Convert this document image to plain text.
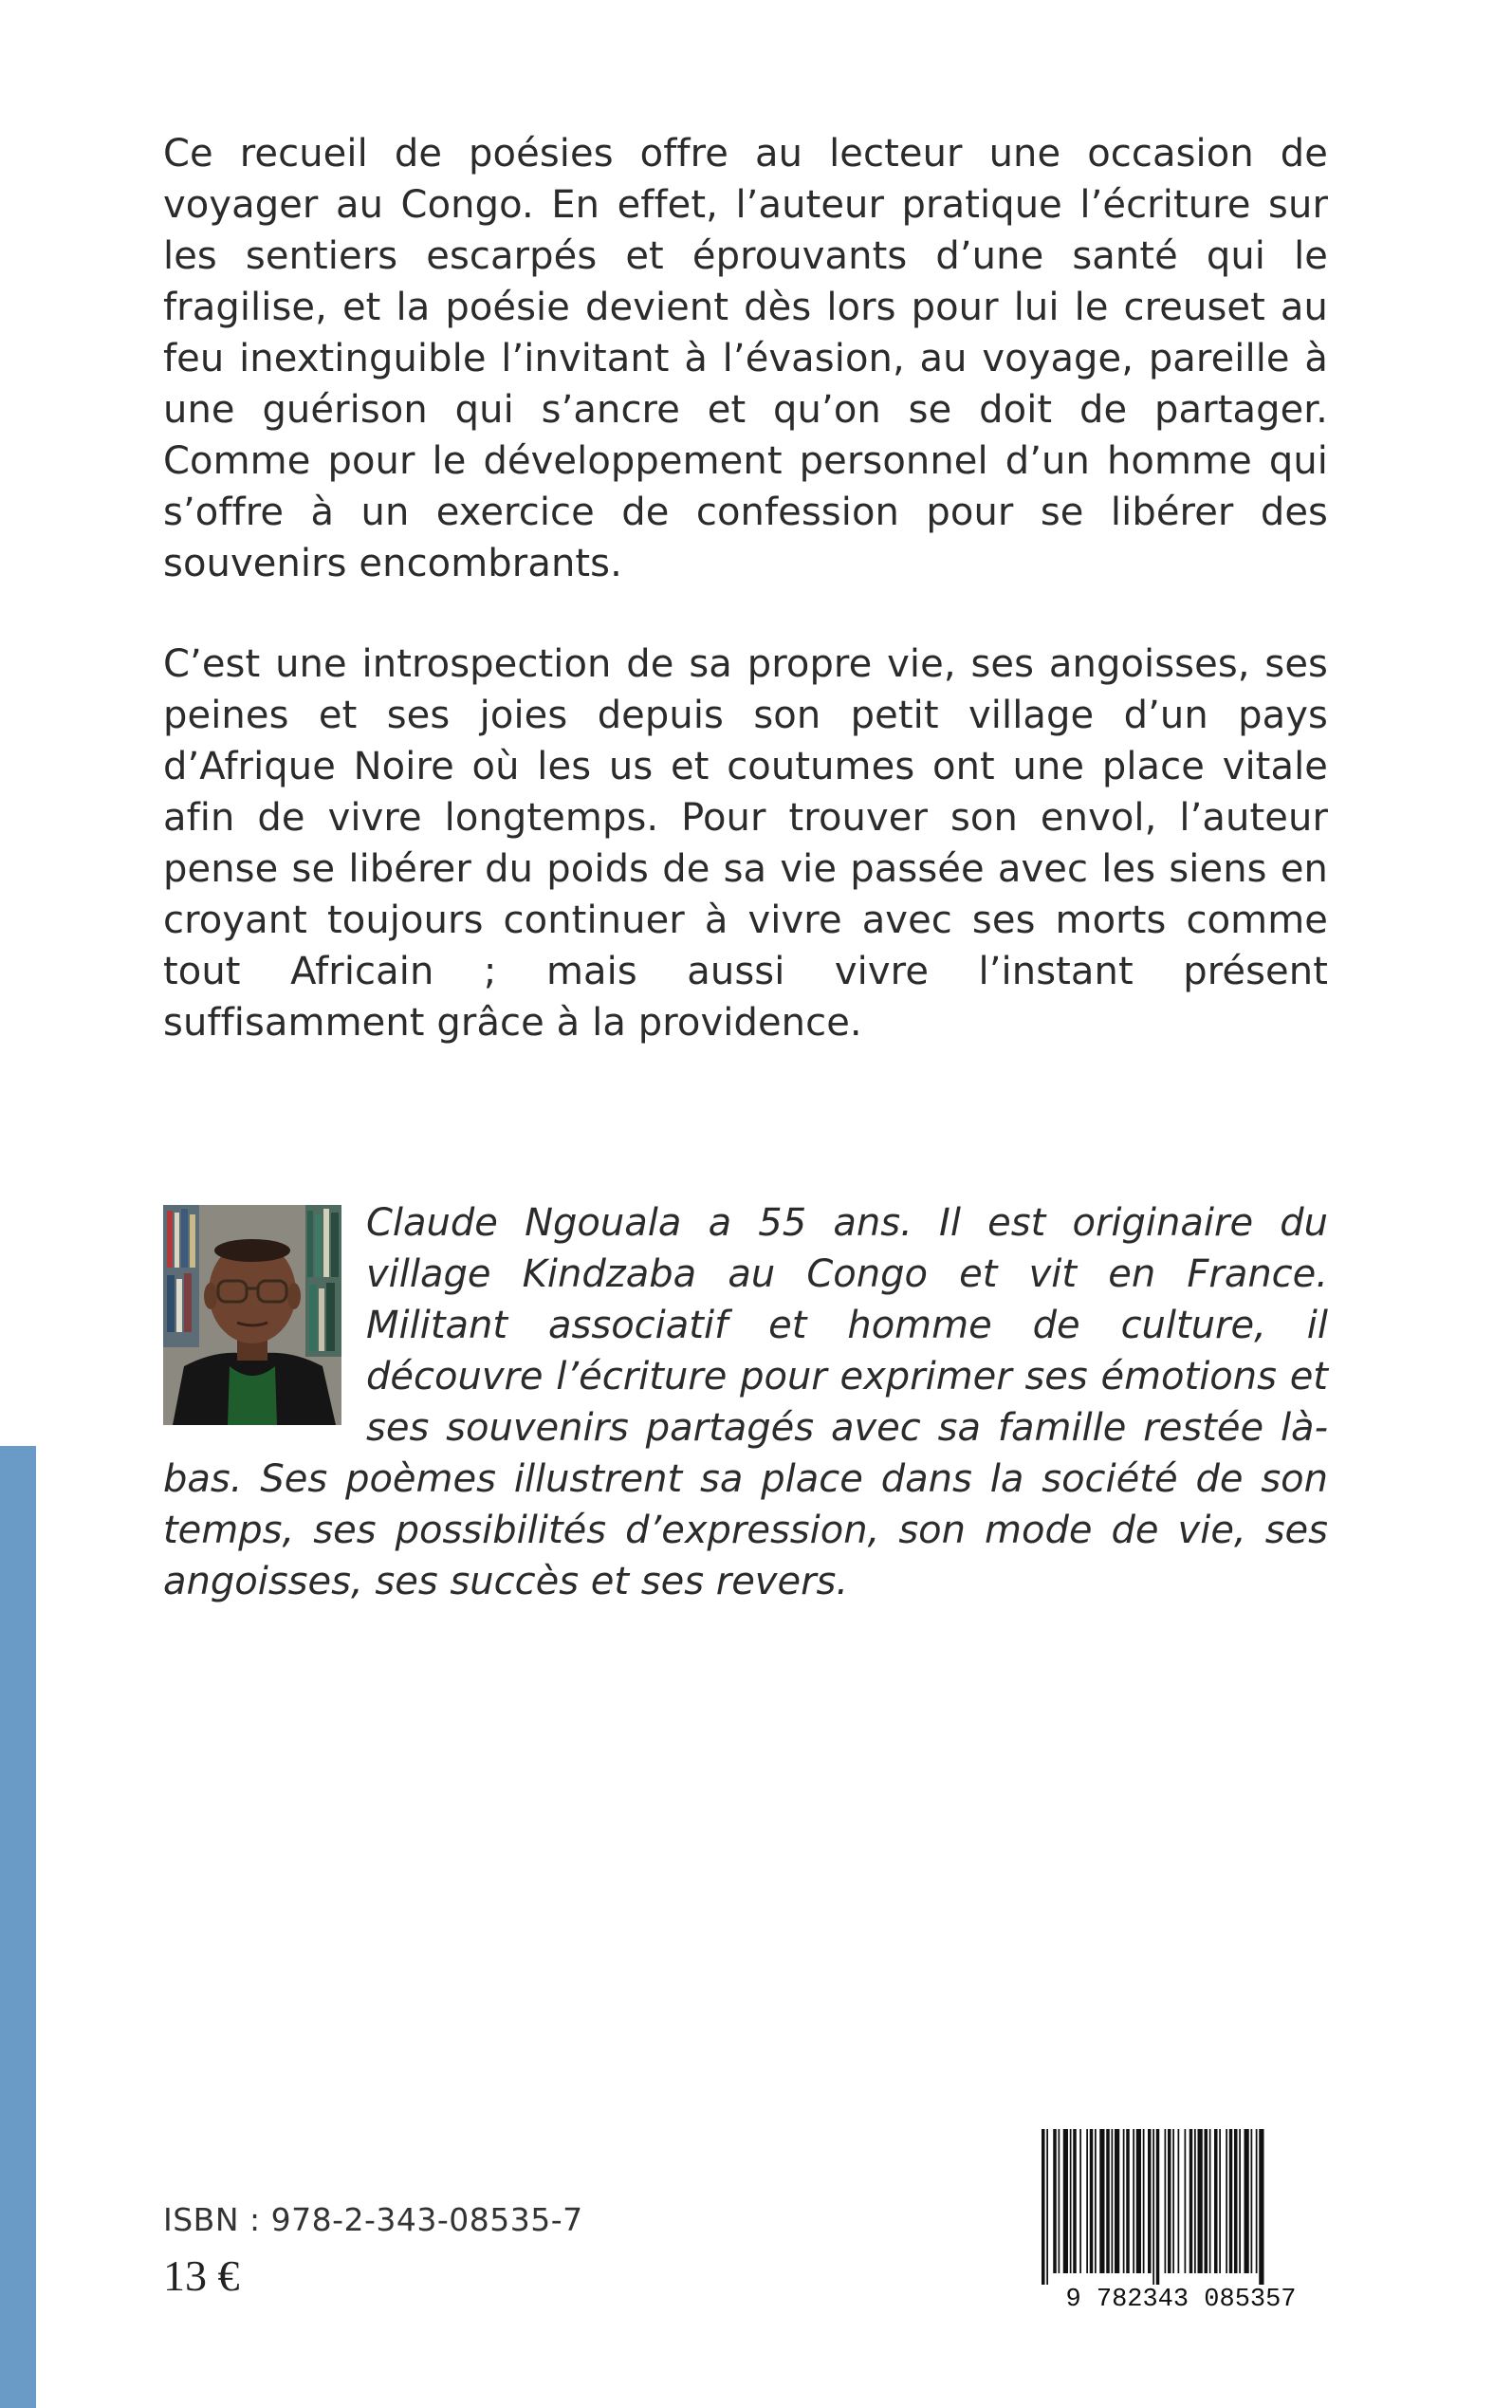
Ce recueil de poésies offre au lecteur une occasion de voyager au Congo. En effet, l’auteur pratique l’écriture sur les sentiers escarpés et éprouvants d’une santé qui le fragilise, et la poésie devient dès lors pour lui le creuset au feu inextinguible l’invitant à l’évasion, au voyage, pareille à une guérison qui s’ancre et qu’on se doit de partager. Comme pour le développement personnel d’un homme qui s’offre à un exercice de confession pour se libérer des souvenirs encombrants.

C’est une introspection de sa propre vie, ses angoisses, ses peines et ses joies depuis son petit village d’un pays d’Afrique Noire où les us et coutumes ont une place vitale afin de vivre longtemps. Pour trouver son envol, l’auteur pense se libérer du poids de sa vie passée avec les siens en croyant toujours continuer à vivre avec ses morts comme tout Africain ; mais aussi vivre l’instant présent suffisamment grâce à la providence.

Claude Ngouala a 55 ans. Il est originaire du village Kindzaba au Congo et vit en France. Militant associatif et homme de culture, il découvre l’écriture pour exprimer ses émotions et ses souvenirs partagés avec sa famille restée là-bas. Ses poèmes illustrent sa place dans la société de son temps, ses possibilités d’expression, son mode de vie, ses angoisses, ses succès et ses revers.
ISBN : 978-2-343-08535-7
13 €	9 782343 085357
